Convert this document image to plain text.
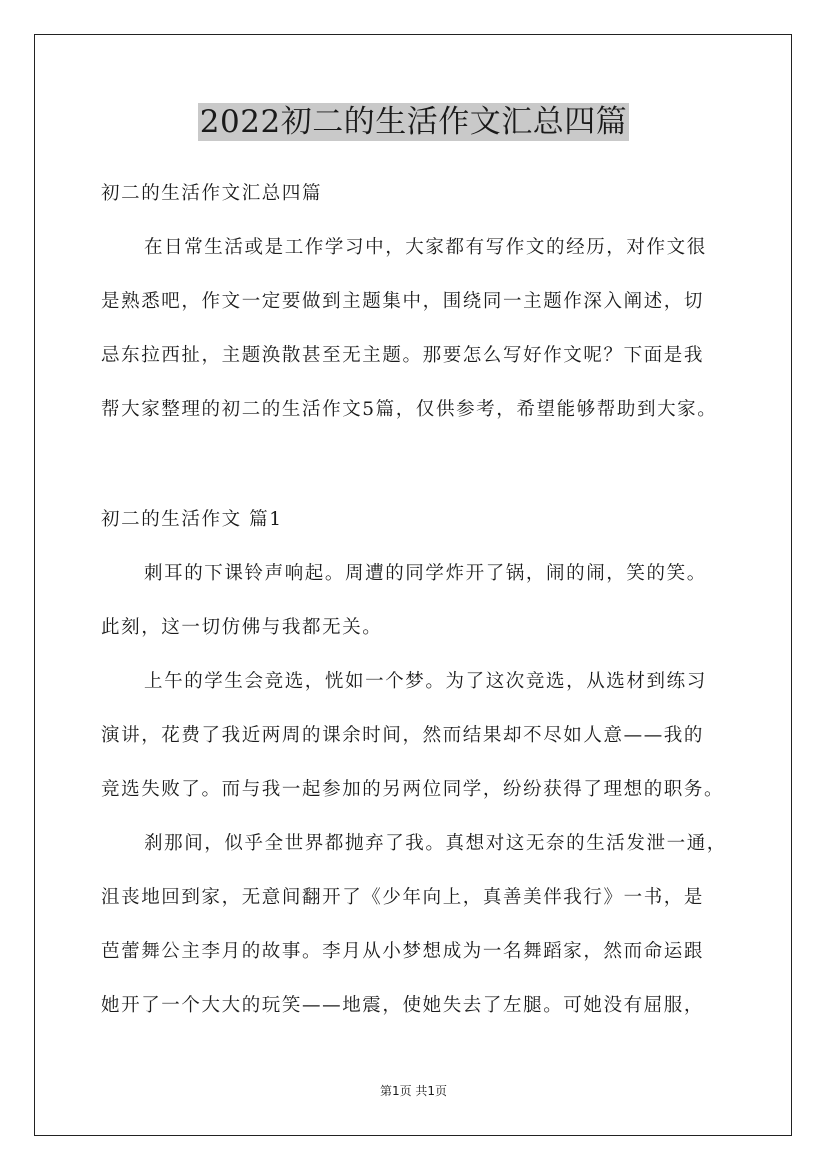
2022初二的生活作文汇总四篇
初二的生活作文汇总四篇
在日常生活或是工作学习中，大家都有写作文的经历，对作文很
是熟悉吧，作文一定要做到主题集中，围绕同一主题作深入阐述，切
忌东拉西扯，主题涣散甚至无主题。那要怎么写好作文呢？下面是我
帮大家整理的初二的生活作文5篇，仅供参考，希望能够帮助到大家。
初二的生活作文 篇1
刺耳的下课铃声响起。周遭的同学炸开了锅，闹的闹，笑的笑。
此刻，这一切仿佛与我都无关。
上午的学生会竞选，恍如一个梦。为了这次竞选，从选材到练习
演讲，花费了我近两周的课余时间，然而结果却不尽如人意——我的
竞选失败了。而与我一起参加的另两位同学，纷纷获得了理想的职务。
刹那间，似乎全世界都抛弃了我。真想对这无奈的生活发泄一通，
沮丧地回到家，无意间翻开了《少年向上，真善美伴我行》一书，是
芭蕾舞公主李月的故事。李月从小梦想成为一名舞蹈家，然而命运跟
她开了一个大大的玩笑——地震，使她失去了左腿。可她没有屈服，
第1页 共1页
